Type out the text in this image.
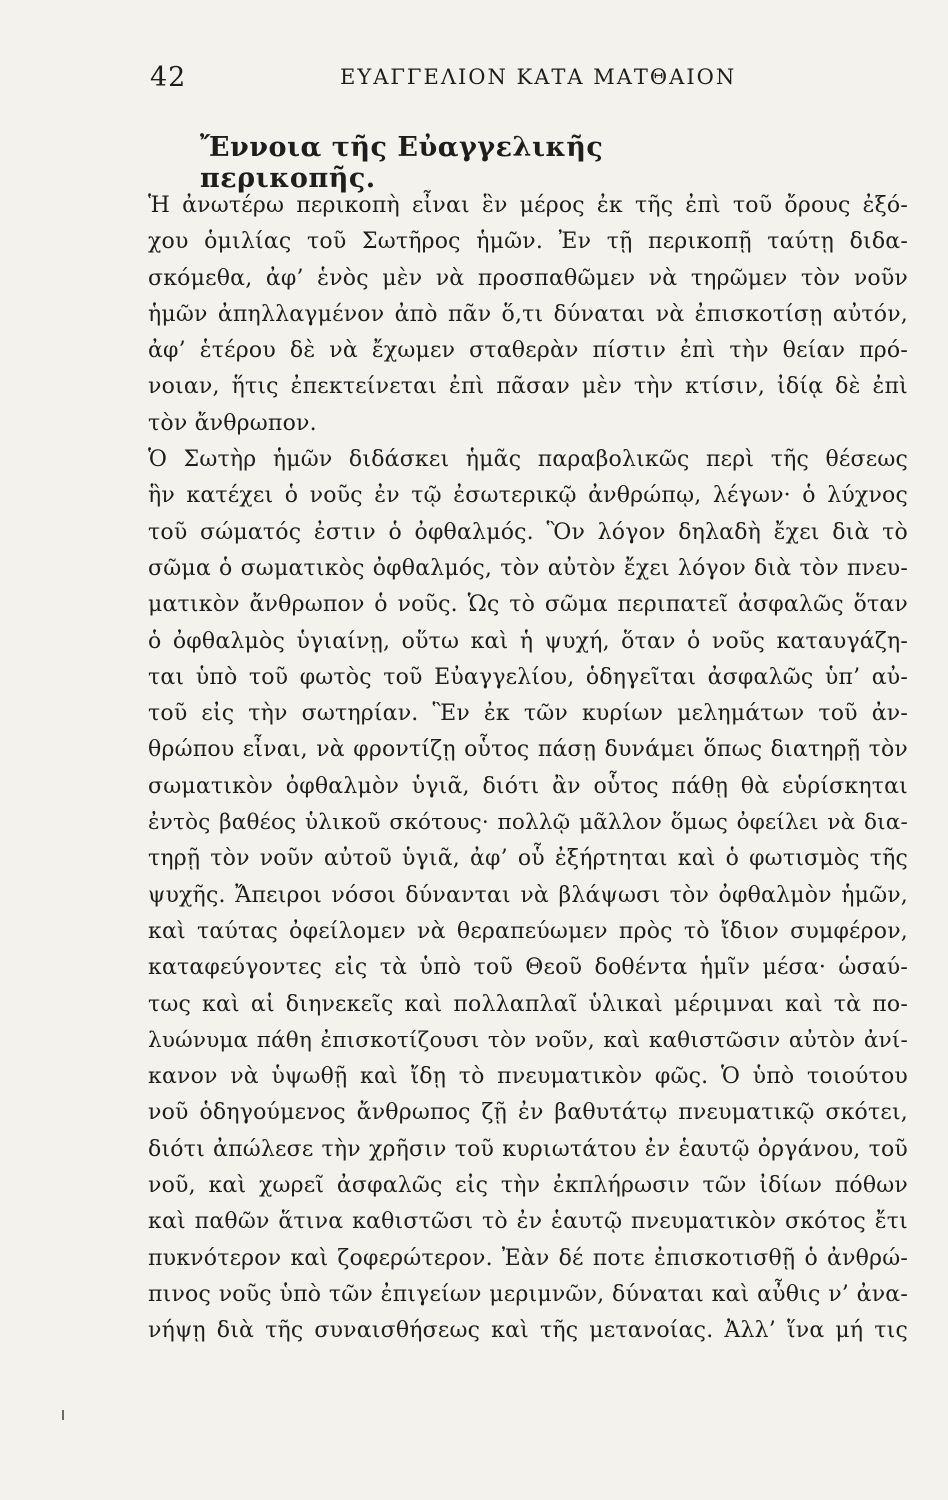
42	ΕΥΑΓΓΕΛΙΟΝ ΚΑΤΑ ΜΑΤΘΑΙΟΝ
Ἔννοια τῆς Εὐαγγελικῆς περικοπῆς.
Ἡ ἀνωτέρω περικοπὴ εἶναι ἓν μέρος ἐκ τῆς ἐπὶ τοῦ ὄρους ἐξό-
χου ὁμιλίας τοῦ Σωτῆρος ἡμῶν. Ἐν τῇ περικοπῇ ταύτῃ διδα-
σκόμεθα, ἀφ’ ἑνὸς μὲν νὰ προσπαθῶμεν νὰ τηρῶμεν τὸν νοῦν
ἡμῶν ἀπηλλαγμένον ἀπὸ πᾶν ὅ,τι δύναται νὰ ἐπισκοτίσῃ αὐτόν,
ἀφ’ ἑτέρου δὲ νὰ ἔχωμεν σταθερὰν πίστιν ἐπὶ τὴν θείαν πρό-
νοιαν, ἥτις ἐπεκτείνεται ἐπὶ πᾶσαν μὲν τὴν κτίσιν, ἰδίᾳ δὲ ἐπὶ
τὸν ἄνθρωπον.
Ὁ Σωτὴρ ἡμῶν διδάσκει ἡμᾶς παραβολικῶς περὶ τῆς θέσεως
ἣν κατέχει ὁ νοῦς ἐν τῷ ἐσωτερικῷ ἀνθρώπῳ, λέγων· ὁ λύχνος
τοῦ σώματός ἐστιν ὁ ὀφθαλμός. Ὃν λόγον δηλαδὴ ἔχει διὰ τὸ
σῶμα ὁ σωματικὸς ὀφθαλμός, τὸν αὐτὸν ἔχει λόγον διὰ τὸν πνευ-
ματικὸν ἄνθρωπον ὁ νοῦς. Ὡς τὸ σῶμα περιπατεῖ ἀσφαλῶς ὅταν
ὁ ὀφθαλμὸς ὑγιαίνῃ, οὕτω καὶ ἡ ψυχή, ὅταν ὁ νοῦς καταυγάζη-
ται ὑπὸ τοῦ φωτὸς τοῦ Εὐαγγελίου, ὁδηγεῖται ἀσφαλῶς ὑπ’ αὐ-
τοῦ εἰς τὴν σωτηρίαν. Ἓν ἐκ τῶν κυρίων μελημάτων τοῦ ἀν-
θρώπου εἶναι, νὰ φροντίζῃ οὗτος πάσῃ δυνάμει ὅπως διατηρῇ τὸν
σωματικὸν ὀφθαλμὸν ὑγιᾶ, διότι ἂν οὗτος πάθῃ θὰ εὑρίσκηται
ἐντὸς βαθέος ὑλικοῦ σκότους· πολλῷ μᾶλλον ὅμως ὀφείλει νὰ δια-
τηρῇ τὸν νοῦν αὐτοῦ ὑγιᾶ, ἀφ’ οὗ ἐξήρτηται καὶ ὁ φωτισμὸς τῆς
ψυχῆς. Ἄπειροι νόσοι δύνανται νὰ βλάψωσι τὸν ὀφθαλμὸν ἡμῶν,
καὶ ταύτας ὀφείλομεν νὰ θεραπεύωμεν πρὸς τὸ ἴδιον συμφέρον,
καταφεύγοντες εἰς τὰ ὑπὸ τοῦ Θεοῦ δοθέντα ἡμῖν μέσα· ὡσαύ-
τως καὶ αἱ διηνεκεῖς καὶ πολλαπλαῖ ὑλικαὶ μέριμναι καὶ τὰ πο-
λυώνυμα πάθη ἐπισκοτίζουσι τὸν νοῦν, καὶ καθιστῶσιν αὐτὸν ἀνί-
κανον νὰ ὑψωθῇ καὶ ἴδῃ τὸ πνευματικὸν φῶς. Ὁ ὑπὸ τοιούτου
νοῦ ὁδηγούμενος ἄνθρωπος ζῇ ἐν βαθυτάτῳ πνευματικῷ σκότει,
διότι ἀπώλεσε τὴν χρῆσιν τοῦ κυριωτάτου ἐν ἑαυτῷ ὀργάνου, τοῦ
νοῦ, καὶ χωρεῖ ἀσφαλῶς εἰς τὴν ἐκπλήρωσιν τῶν ἰδίων πόθων
καὶ παθῶν ἅτινα καθιστῶσι τὸ ἐν ἑαυτῷ πνευματικὸν σκότος ἔτι
πυκνότερον καὶ ζοφερώτερον. Ἐὰν δέ ποτε ἐπισκοτισθῇ ὁ ἀνθρώ-
πινος νοῦς ὑπὸ τῶν ἐπιγείων μεριμνῶν, δύναται καὶ αὖθις ν’ ἀνα-
νήψῃ διὰ τῆς συναισθήσεως καὶ τῆς μετανοίας. Ἀλλ’ ἵνα μή τις
